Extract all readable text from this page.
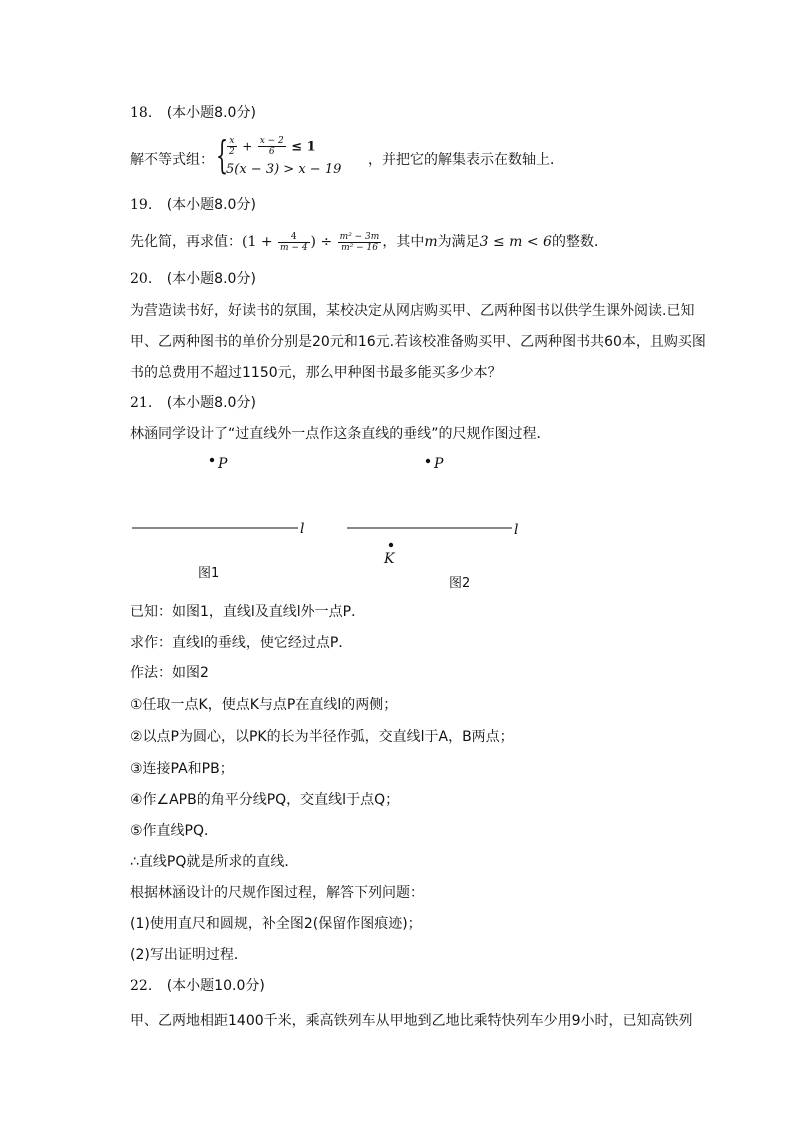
18. (本小题8.0分)
解不等式组： {
$\frac{x}{2} + \frac{x - 2}{6} \le 1$
5(x − 3) > x − 19
，并把它的解集表示在数轴上．
19. (本小题8.0分)
先化简，再求值：($1 + \frac{4}{m - 4}$ ) ÷ $\frac{\text{m² − 3m}}{\text{m² − 16}}$ ，其中m为满足3 ≤ m < 6的整数．
20. (本小题8.0分)
为营造读书好，好读书的氛围，某校决定从网店购买甲、乙两种图书以供学生课外阅读.已知
甲、乙两种图书的单价分别是20元和16元.若该校准备购买甲、乙两种图书共60本，且购买图
书的总费用不超过1150元，那么甲种图书最多能买多少本？
21. (本小题8.0分)
林涵同学设计了“过直线外一点作这条直线的垂线”的尺规作图过程．
P
l
图1
P
l
K
图2
已知：如图1，直线l及直线l外一点P．
求作：直线l的垂线，使它经过点P．
作法：如图2
①任取一点K，使点K与点P在直线l的两侧；
②以点P为圆心，以PK的长为半径作弧，交直线l于A，B两点；
③连接PA和PB；
④作∠APB的角平分线PQ，交直线l于点Q；
⑤作直线PQ．
∴直线PQ就是所求的直线．
根据林涵设计的尺规作图过程，解答下列问题：
(1)使用直尺和圆规，补全图2(保留作图痕迹)；
(2)写出证明过程．
22. (本小题10.0分)
甲、乙两地相距1400千米，乘高铁列车从甲地到乙地比乘特快列车少用9小时，已知高铁列
